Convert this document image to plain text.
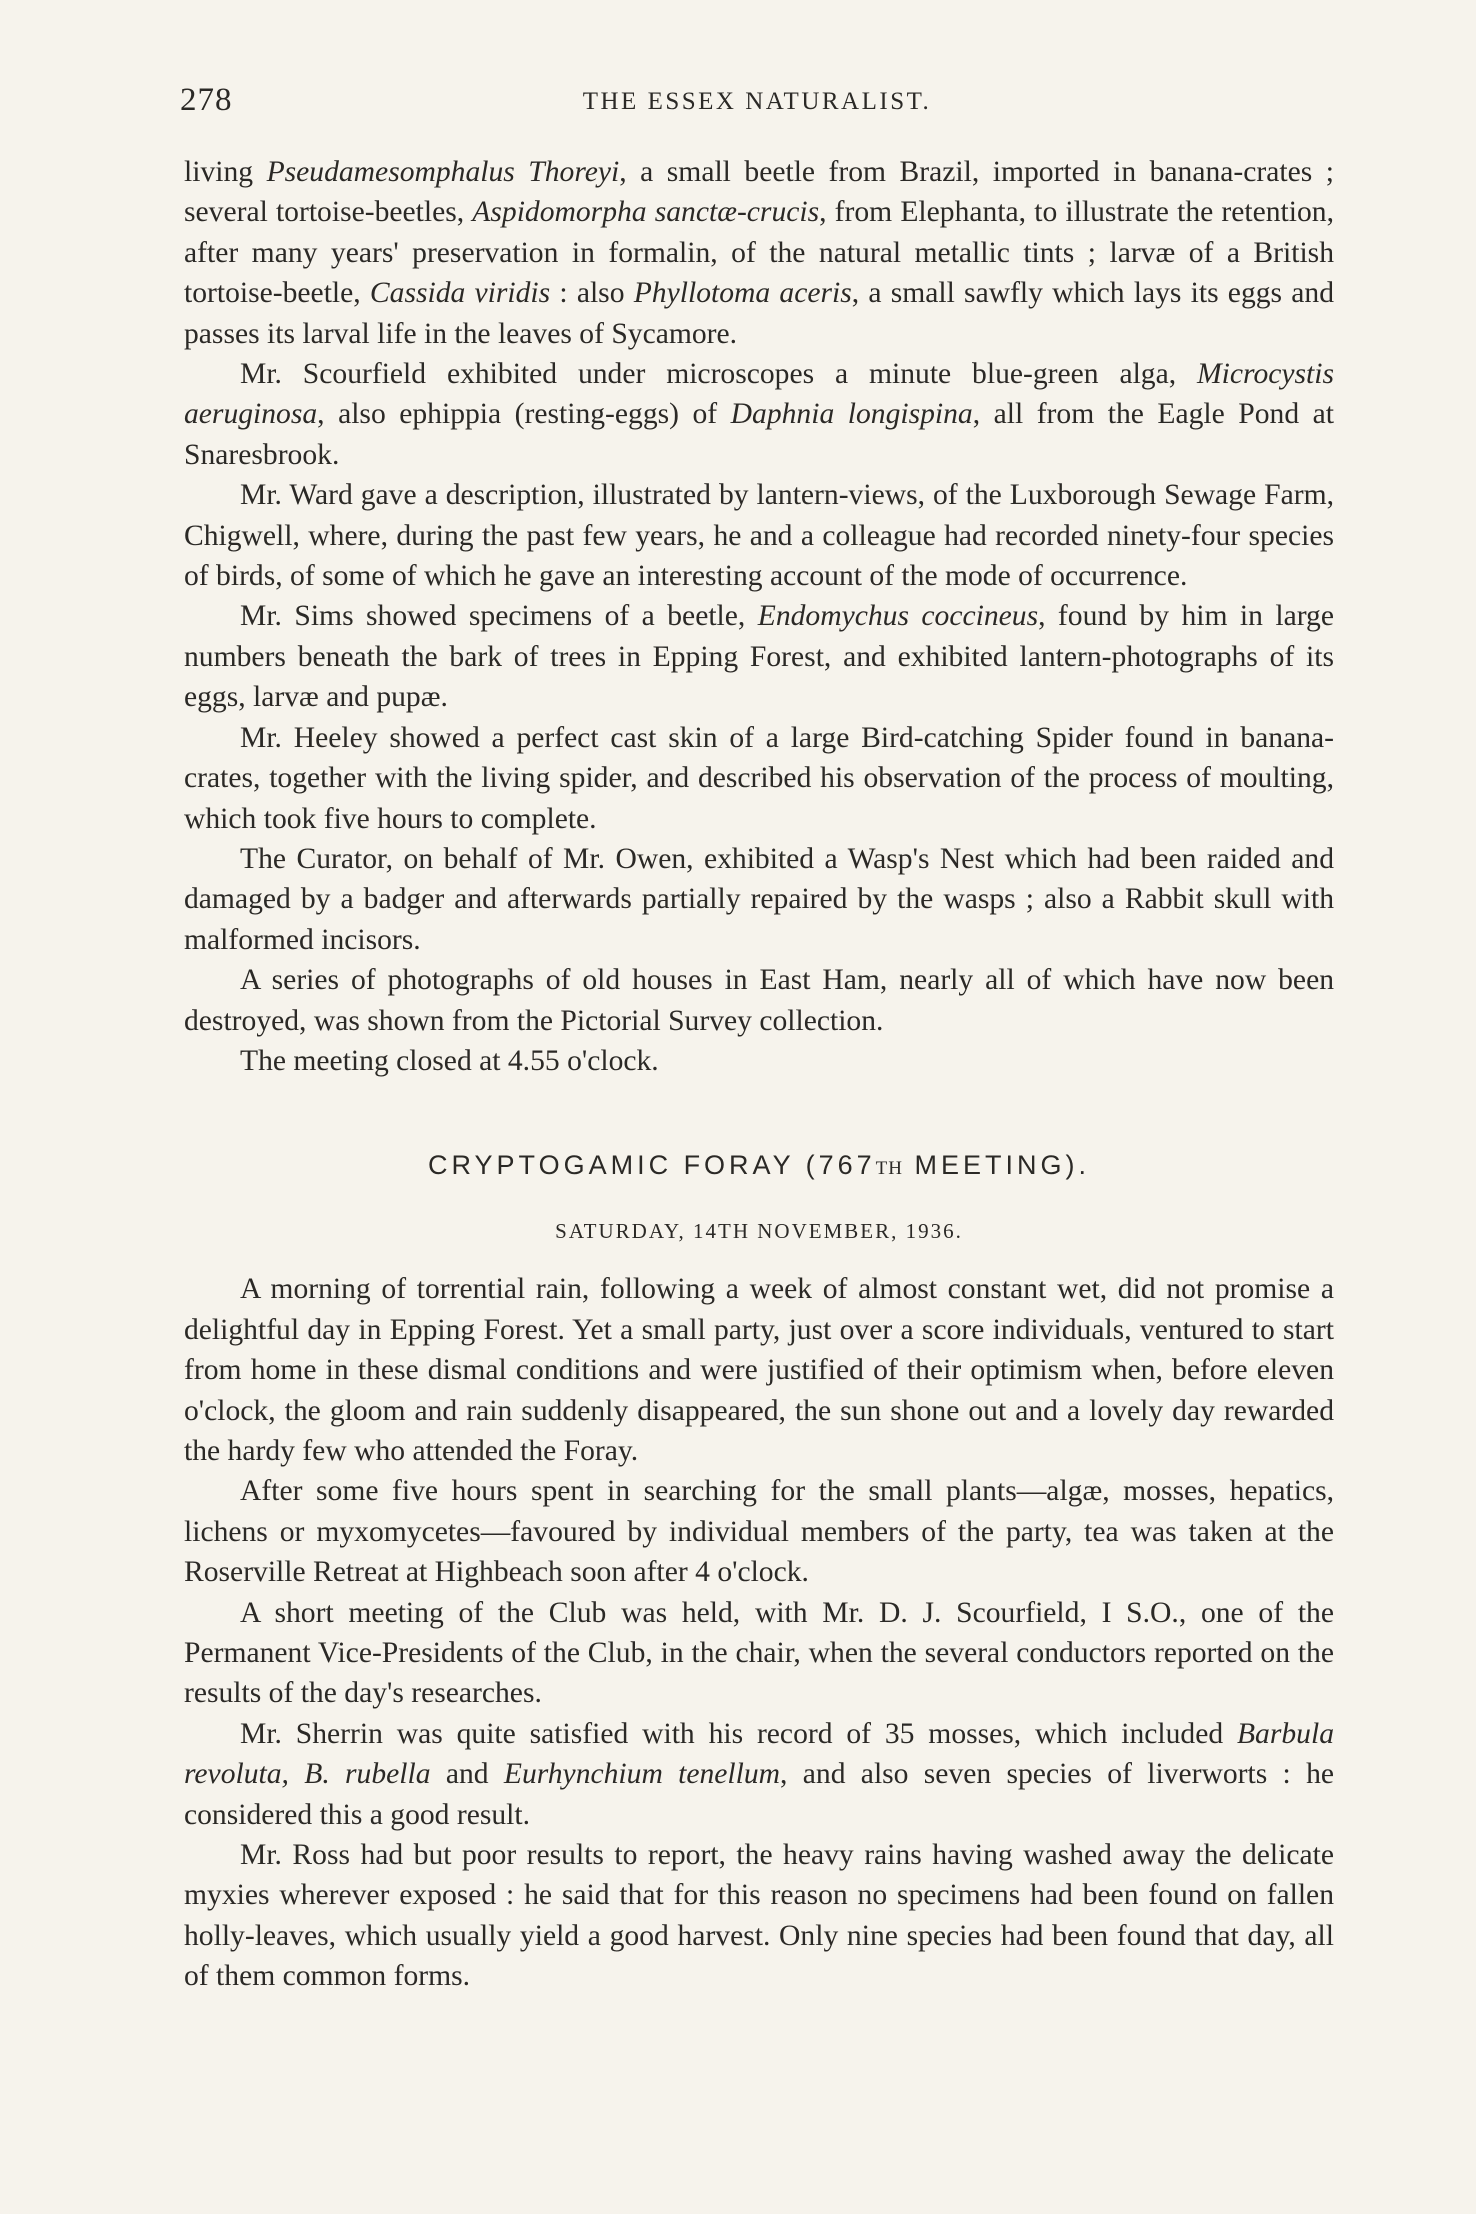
278	THE ESSEX NATURALIST.

living Pseudamesomphalus Thoreyi, a small beetle from Brazil, imported in banana-crates ; several tortoise-beetles, Aspidomorpha sanctæ-crucis, from Elephanta, to illustrate the retention, after many years' preservation in formalin, of the natural metallic tints ; larvæ of a British tortoise-beetle, Cassida viridis : also Phyllotoma aceris, a small sawfly which lays its eggs and passes its larval life in the leaves of Sycamore.

Mr. Scourfield exhibited under microscopes a minute blue-green alga, Microcystis aeruginosa, also ephippia (resting-eggs) of Daphnia longispina, all from the Eagle Pond at Snaresbrook.

Mr. Ward gave a description, illustrated by lantern-views, of the Luxborough Sewage Farm, Chigwell, where, during the past few years, he and a colleague had recorded ninety-four species of birds, of some of which he gave an interesting account of the mode of occurrence.

Mr. Sims showed specimens of a beetle, Endomychus coccineus, found by him in large numbers beneath the bark of trees in Epping Forest, and exhibited lantern-photographs of its eggs, larvæ and pupæ.

Mr. Heeley showed a perfect cast skin of a large Bird-catching Spider found in banana-crates, together with the living spider, and described his observation of the process of moulting, which took five hours to complete.

The Curator, on behalf of Mr. Owen, exhibited a Wasp's Nest which had been raided and damaged by a badger and afterwards partially repaired by the wasps ; also a Rabbit skull with malformed incisors.

A series of photographs of old houses in East Ham, nearly all of which have now been destroyed, was shown from the Pictorial Survey collection.

The meeting closed at 4.55 o'clock.

CRYPTOGAMIC FORAY (767TH MEETING).
SATURDAY, 14TH NOVEMBER, 1936.

A morning of torrential rain, following a week of almost constant wet, did not promise a delightful day in Epping Forest. Yet a small party, just over a score individuals, ventured to start from home in these dismal conditions and were justified of their optimism when, before eleven o'clock, the gloom and rain suddenly disappeared, the sun shone out and a lovely day rewarded the hardy few who attended the Foray.

After some five hours spent in searching for the small plants—algæ, mosses, hepatics, lichens or myxomycetes—favoured by individual members of the party, tea was taken at the Roserville Retreat at Highbeach soon after 4 o'clock.

A short meeting of the Club was held, with Mr. D. J. Scourfield, I S.O., one of the Permanent Vice-Presidents of the Club, in the chair, when the several conductors reported on the results of the day's researches.

Mr. Sherrin was quite satisfied with his record of 35 mosses, which included Barbula revoluta, B. rubella and Eurhynchium tenellum, and also seven species of liverworts : he considered this a good result.

Mr. Ross had but poor results to report, the heavy rains having washed away the delicate myxies wherever exposed : he said that for this reason no specimens had been found on fallen holly-leaves, which usually yield a good harvest. Only nine species had been found that day, all of them common forms.
